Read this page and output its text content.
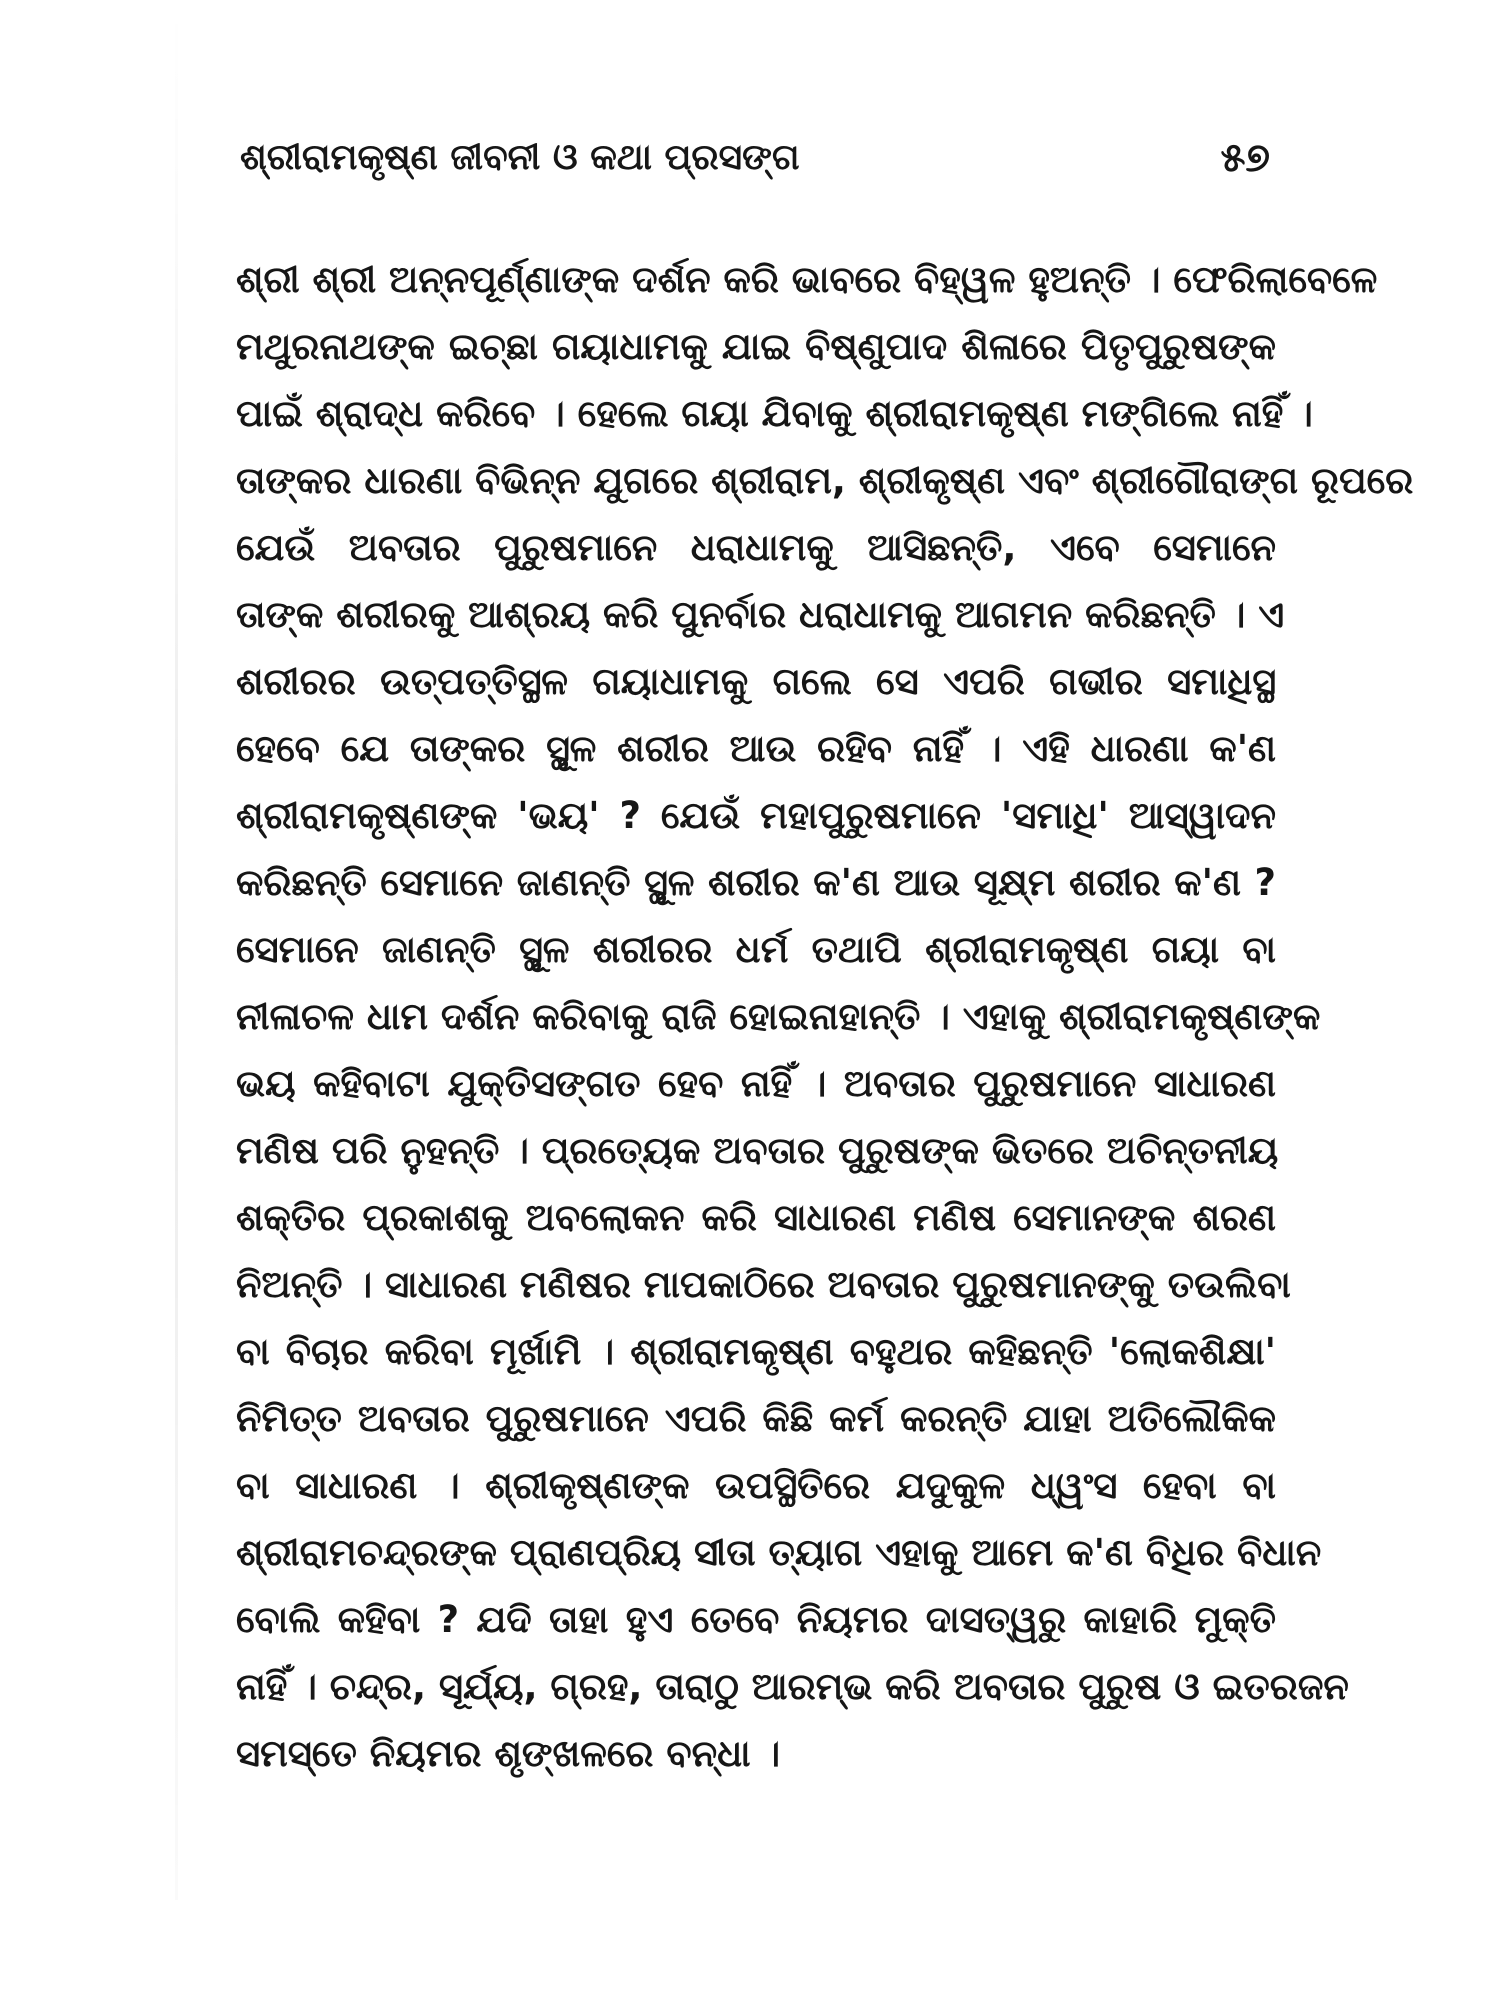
ଶ୍ରୀରାମକୃଷ୍ଣ ଜୀବନୀ ଓ କଥା ପ୍ରସଙ୍ଗ	୫୭
ଶ୍ରୀ ଶ୍ରୀ ଅନ୍ନପୂର୍ଣ୍ଣାଙ୍କ ଦର୍ଶନ କରି ଭାବରେ ବିହ୍ୱଳ ହୁଅନ୍ତି । ଫେରିଲାବେଳେ
ମଥୁରନାଥଙ୍କ ଇଚ୍ଛା ଗୟାଧାମକୁ ଯାଇ ବିଷ୍ଣୁପାଦ ଶିଳାରେ ପିତୃପୁରୁଷଙ୍କ
ପାଇଁ ଶ୍ରାଦ୍ଧ କରିବେ । ହେଲେ ଗୟା ଯିବାକୁ ଶ୍ରୀରାମକୃଷ୍ଣ ମଙ୍ଗିଲେ ନାହିଁ ।
ତାଙ୍କର ଧାରଣା ବିଭିନ୍ନ ଯୁଗରେ ଶ୍ରୀରାମ, ଶ୍ରୀକୃଷ୍ଣ ଏବଂ ଶ୍ରୀଗୌରାଙ୍ଗ ରୂପରେ
ଯେଉଁ ଅବତାର ପୁରୁଷମାନେ ଧରାଧାମକୁ ଆସିଛନ୍ତି, ଏବେ ସେମାନେ
ତାଙ୍କ ଶରୀରକୁ ଆଶ୍ରୟ କରି ପୁନର୍ବାର ଧରାଧାମକୁ ଆଗମନ କରିଛନ୍ତି । ଏ
ଶରୀରର ଉତ୍ପତ୍ତିସ୍ଥଳ ଗୟାଧାମକୁ ଗଲେ ସେ ଏପରି ଗଭୀର ସମାଧିସ୍ଥ
ହେବେ ଯେ ତାଙ୍କର ସ୍ଥୂଳ ଶରୀର ଆଉ ରହିବ ନାହିଁ । ଏହି ଧାରଣା କ'ଣ
ଶ୍ରୀରାମକୃଷ୍ଣଙ୍କ 'ଭୟ' ? ଯେଉଁ ମହାପୁରୁଷମାନେ 'ସମାଧି' ଆସ୍ୱାଦନ
କରିଛନ୍ତି ସେମାନେ ଜାଣନ୍ତି ସ୍ଥୂଳ ଶରୀର କ'ଣ ଆଉ ସୂକ୍ଷ୍ମ ଶରୀର କ'ଣ ?
ସେମାନେ ଜାଣନ୍ତି ସ୍ଥୂଳ ଶରୀରର ଧର୍ମ ତଥାପି ଶ୍ରୀରାମକୃଷ୍ଣ ଗୟା ବା
ନୀଳାଚଳ ଧାମ ଦର୍ଶନ କରିବାକୁ ରାଜି ହୋଇନାହାନ୍ତି । ଏହାକୁ ଶ୍ରୀରାମକୃଷ୍ଣଙ୍କ
ଭୟ କହିବାଟା ଯୁକ୍ତିସଙ୍ଗତ ହେବ ନାହିଁ । ଅବତାର ପୁରୁଷମାନେ ସାଧାରଣ
ମଣିଷ ପରି ନୁହନ୍ତି । ପ୍ରତ୍ୟେକ ଅବତାର ପୁରୁଷଙ୍କ ଭିତରେ ଅଚିନ୍ତନୀୟ
ଶକ୍ତିର ପ୍ରକାଶକୁ ଅବଲୋକନ କରି ସାଧାରଣ ମଣିଷ ସେମାନଙ୍କ ଶରଣ
ନିଅନ୍ତି । ସାଧାରଣ ମଣିଷର ମାପକାଠିରେ ଅବତାର ପୁରୁଷମାନଙ୍କୁ ତଉଲିବା
ବା ବିଚାର କରିବା ମୂର୍ଖାମି । ଶ୍ରୀରାମକୃଷ୍ଣ ବହୁଥର କହିଛନ୍ତି 'ଲୋକଶିକ୍ଷା'
ନିମିତ୍ତ ଅବତାର ପୁରୁଷମାନେ ଏପରି କିଛି କର୍ମ କରନ୍ତି ଯାହା ଅତିଲୌକିକ
ବା ସାଧାରଣ । ଶ୍ରୀକୃଷ୍ଣଙ୍କ ଉପସ୍ଥିତିରେ ଯଦୁକୁଳ ଧ୍ୱଂସ ହେବା ବା
ଶ୍ରୀରାମଚନ୍ଦ୍ରଙ୍କ ପ୍ରାଣପ୍ରିୟ ସୀତା ତ୍ୟାଗ ଏହାକୁ ଆମେ କ'ଣ ବିଧିର ବିଧାନ
ବୋଲି କହିବା ? ଯଦି ତାହା ହୁଏ ତେବେ ନିୟମର ଦାସତ୍ୱରୁ କାହାରି ମୁକ୍ତି
ନାହିଁ । ଚନ୍ଦ୍ର, ସୂର୍ଯ୍ୟ, ଗ୍ରହ, ତାରାଠୁ ଆରମ୍ଭ କରି ଅବତାର ପୁରୁଷ ଓ ଇତରଜନ
ସମସ୍ତେ ନିୟମର ଶୃଙ୍ଖଳରେ ବନ୍ଧା ।
